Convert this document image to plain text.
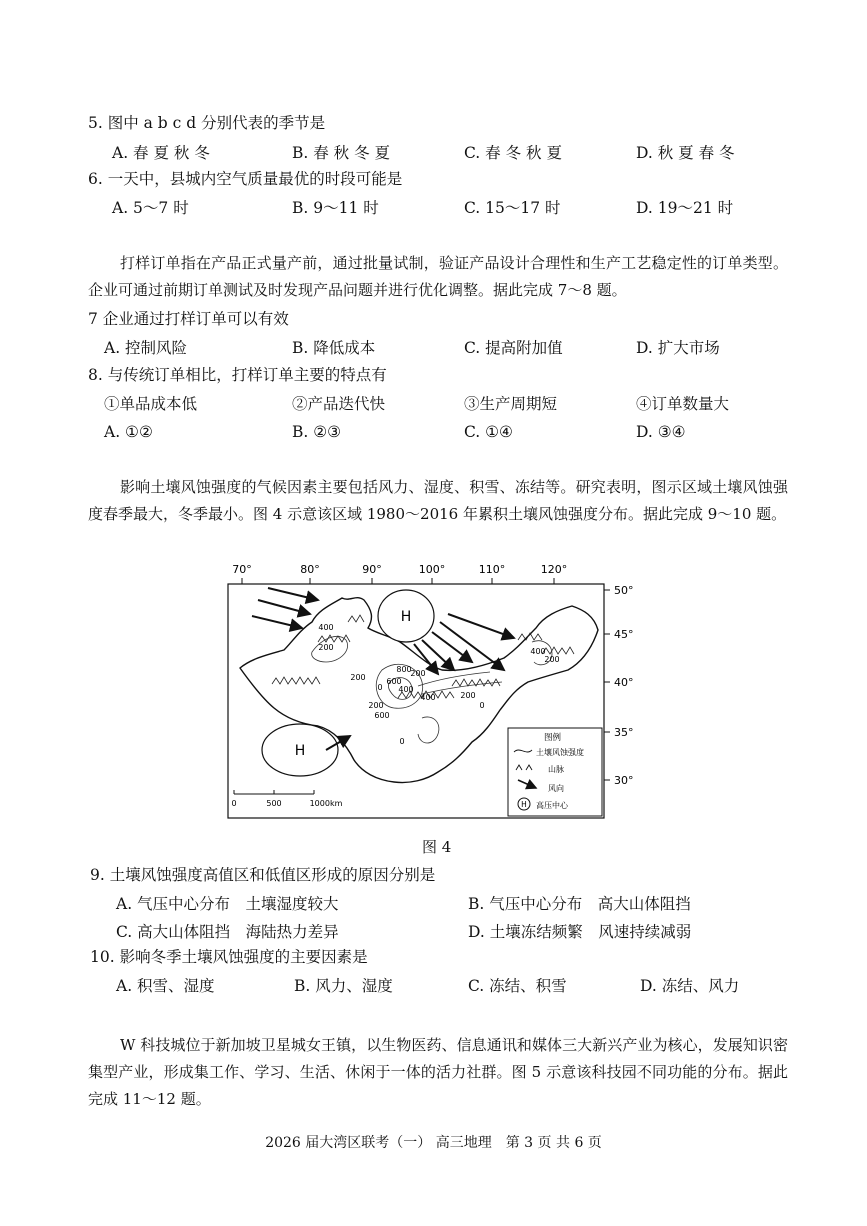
5. 图中 a b c d 分别代表的季节是
A. 春 夏 秋 冬	B. 春 秋 冬 夏	C. 春 冬 秋 夏	D. 秋 夏 春 冬
6. 一天中，县城内空气质量最优的时段可能是
A. 5～7 时	B. 9～11 时	C. 15～17 时	D. 19～21 时

打样订单指在产品正式量产前，通过批量试制，验证产品设计合理性和生产工艺稳定性的订单类型。企业可通过前期订单测试及时发现产品问题并进行优化调整。据此完成 7～8 题。

7 企业通过打样订单可以有效
A. 控制风险	B. 降低成本	C. 提高附加值	D. 扩大市场
8. 与传统订单相比，打样订单主要的特点有
①单品成本低	②产品迭代快	③生产周期短	④订单数量大
A. ①②	B. ②③	C. ①④	D. ③④

影响土壤风蚀强度的气候因素主要包括风力、湿度、积雪、冻结等。研究表明，图示区域土壤风蚀强度春季最大，冬季最小。图 4 示意该区域 1980～2016 年累积土壤风蚀强度分布。据此完成 9～10 题。

70°	80°	90°	100°	110°	120°
50°
45°
40°
35°
30°
400
200
200
0
800
600
400
200
200
400	200
600
0
0
200
400
H
H
0	500	1000km
图例
土壤风蚀强度
山脉
风向
H 高压中心
图 4
9. 土壤风蚀强度高值区和低值区形成的原因分别是
A. 气压中心分布　土壤湿度较大	B. 气压中心分布　高大山体阻挡
C. 高大山体阻挡　海陆热力差异	D. 土壤冻结频繁　风速持续减弱
10. 影响冬季土壤风蚀强度的主要因素是
A. 积雪、湿度	B. 风力、湿度	C. 冻结、积雪	D. 冻结、风力

W 科技城位于新加坡卫星城女王镇，以生物医药、信息通讯和媒体三大新兴产业为核心，发展知识密集型产业，形成集工作、学习、生活、休闲于一体的活力社群。图 5 示意该科技园不同功能的分布。据此完成 11～12 题。

2026 届大湾区联考（一） 高三地理　第 3 页 共 6 页
